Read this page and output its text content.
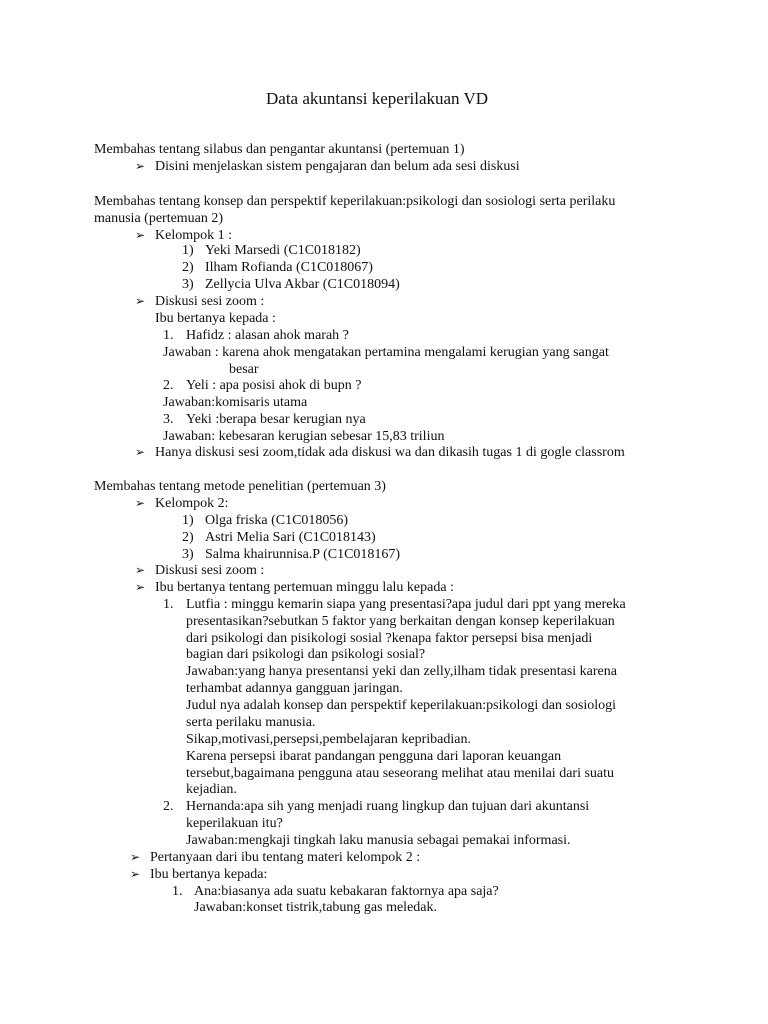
Data akuntansi keperilakuan VD
Membahas tentang silabus dan pengantar akuntansi (pertemuan 1)
➢ Disini menjelaskan sistem pengajaran dan belum ada sesi diskusi
Membahas tentang konsep dan perspektif keperilakuan:psikologi dan sosiologi serta perilaku
manusia (pertemuan 2)
➢ Kelompok 1 :
1) Yeki Marsedi (C1C018182)
2) Ilham Rofianda (C1C018067)
3) Zellycia Ulva Akbar (C1C018094)
➢ Diskusi sesi zoom :
Ibu bertanya kepada :
1. Hafidz : alasan ahok marah ?
Jawaban : karena ahok mengatakan pertamina mengalami kerugian yang sangat
besar
2. Yeli : apa posisi ahok di bupn ?
Jawaban:komisaris utama
3. Yeki :berapa besar kerugian nya
Jawaban: kebesaran kerugian sebesar 15,83 triliun
➢ Hanya diskusi sesi zoom,tidak ada diskusi wa dan dikasih tugas 1 di gogle classrom
Membahas tentang metode penelitian (pertemuan 3)
➢ Kelompok 2:
1) Olga friska (C1C018056)
2) Astri Melia Sari (C1C018143)
3) Salma khairunnisa.P (C1C018167)
➢ Diskusi sesi zoom :
➢ Ibu bertanya tentang pertemuan minggu lalu kepada :
1. Lutfia : minggu kemarin siapa yang presentasi?apa judul dari ppt yang mereka
presentasikan?sebutkan 5 faktor yang berkaitan dengan konsep keperilakuan
dari psikologi dan pisikologi sosial ?kenapa faktor persepsi bisa menjadi
bagian dari psikologi dan psikologi sosial?
Jawaban:yang hanya presentansi yeki dan zelly,ilham tidak presentasi karena
terhambat adannya gangguan jaringan.
Judul nya adalah konsep dan perspektif keperilakuan:psikologi dan sosiologi
serta perilaku manusia.
Sikap,motivasi,persepsi,pembelajaran kepribadian.
Karena persepsi ibarat pandangan pengguna dari laporan keuangan
tersebut,bagaimana pengguna atau seseorang melihat atau menilai dari suatu
kejadian.
2. Hernanda:apa sih yang menjadi ruang lingkup dan tujuan dari akuntansi
keperilakuan itu?
Jawaban:mengkaji tingkah laku manusia sebagai pemakai informasi.
➢ Pertanyaan dari ibu tentang materi kelompok 2 :
➢ Ibu bertanya kepada:
1. Ana:biasanya ada suatu kebakaran faktornya apa saja?
Jawaban:konset tistrik,tabung gas meledak.
